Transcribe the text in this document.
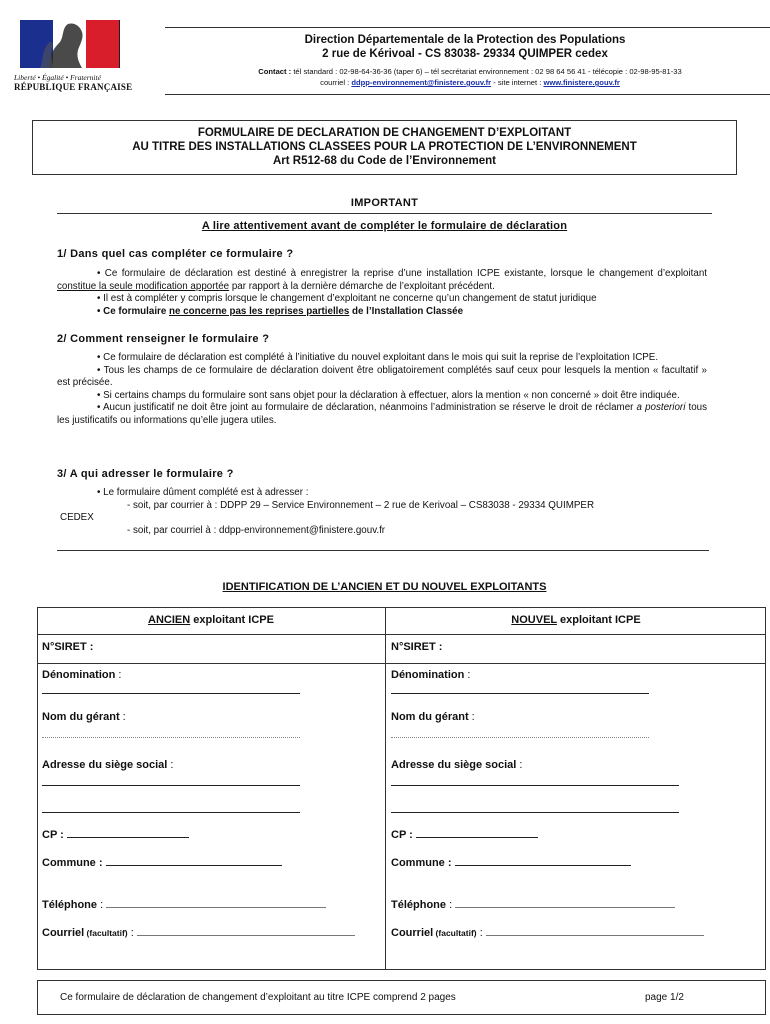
Liberté • Égalité • Fraternité
RÉPUBLIQUE FRANÇAISE
Direction Départementale de la Protection des Populations
2 rue de Kérivoal - CS 83038- 29334 QUIMPER cedex
Contact : tél standard : 02-98-64-36-36 (taper 6) – tél secrétariat environnement : 02 98 64 56 41 - télécopie : 02-98-95-81-33
courriel : ddpp-environnement@finistere.gouv.fr - site internet : www.finistere.gouv.fr
FORMULAIRE DE DECLARATION DE CHANGEMENT D’EXPLOITANT
AU TITRE DES INSTALLATIONS CLASSEES POUR LA PROTECTION DE L’ENVIRONNEMENT
Art R512-68 du Code de l’Environnement
IMPORTANT
A lire attentivement avant de compléter le formulaire de déclaration
1/ Dans quel cas compléter ce formulaire ?
• Ce formulaire de déclaration est destiné à enregistrer la reprise d’une installation ICPE existante, lorsque le changement d’exploitant constitue la seule modification apportée par rapport à la dernière démarche de l’exploitant précédent.
• Il est à compléter y compris lorsque le changement d’exploitant ne concerne qu’un changement de statut juridique
• Ce formulaire ne concerne pas les reprises partielles de l’Installation Classée
2/ Comment renseigner le formulaire ?
• Ce formulaire de déclaration est complété à l’initiative du nouvel exploitant dans le mois qui suit la reprise de l’exploitation ICPE.
• Tous les champs de ce formulaire de déclaration doivent être obligatoirement complétés sauf ceux pour lesquels la mention « facultatif » est précisée.
• Si certains champs du formulaire sont sans objet pour la déclaration à effectuer, alors la mention « non concerné » doit être indiquée.
• Aucun justificatif ne doit être joint au formulaire de déclaration, néanmoins l’administration se réserve le droit de réclamer a posteriori tous les justificatifs ou informations qu’elle jugera utiles.
3/ A qui adresser le formulaire ?
• Le formulaire dûment complété est à adresser :
- soit, par courrier à : DDPP 29 – Service Environnement – 2 rue de Kerivoal – CS83038 - 29334 QUIMPER
CEDEX
- soit, par courriel à : ddpp-environnement@finistere.gouv.fr
IDENTIFICATION DE L’ANCIEN ET DU NOUVEL EXPLOITANTS
ANCIEN exploitant ICPE
N°SIRET :
Dénomination :
Nom du gérant :
Adresse du siège social :
CP :
Commune :
Téléphone :
Courriel (facultatif) :
NOUVEL exploitant ICPE
N°SIRET :
Dénomination :
Nom du gérant :
Adresse du siège social :
CP :
Commune :
Téléphone :
Courriel (facultatif) :
Ce formulaire de déclaration de changement d’exploitant au titre ICPE comprend 2 pages	page 1/2
